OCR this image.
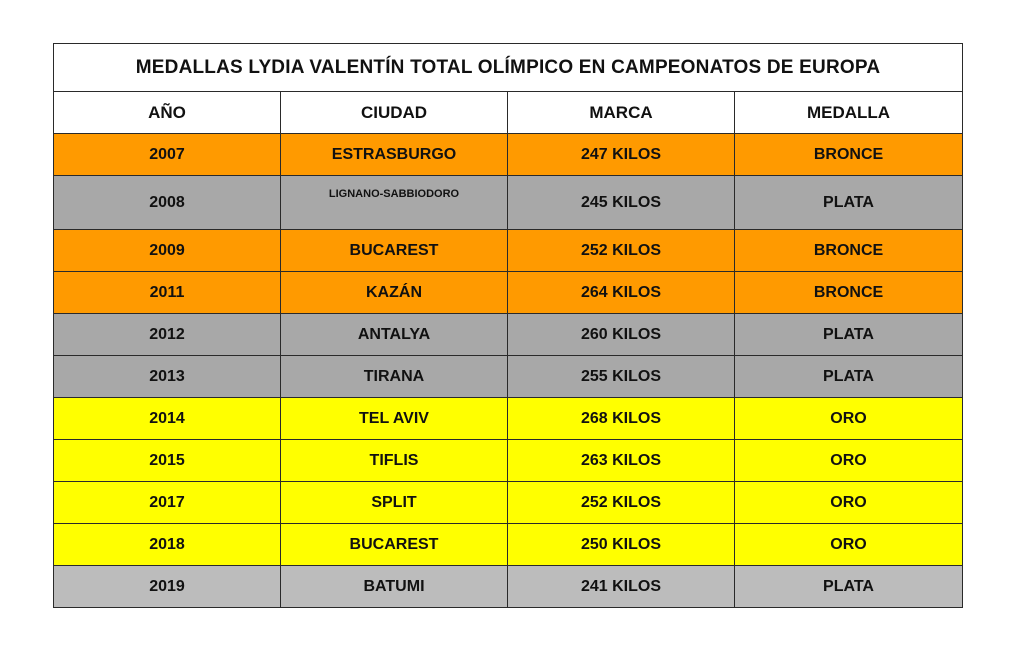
MEDALLAS LYDIA VALENTÍN TOTAL OLÍMPICO EN CAMPEONATOS DE EUROPA			
AÑO	CIUDAD	MARCA	MEDALLA
2007	ESTRASBURGO	247 KILOS	BRONCE
2008	LIGNANO-SABBIODORO	245 KILOS	PLATA
2009	BUCAREST	252 KILOS	BRONCE
2011	KAZÁN	264 KILOS	BRONCE
2012	ANTALYA	260 KILOS	PLATA
2013	TIRANA	255 KILOS	PLATA
2014	TEL AVIV	268 KILOS	ORO
2015	TIFLIS	263 KILOS	ORO
2017	SPLIT	252 KILOS	ORO
2018	BUCAREST	250 KILOS	ORO
2019	BATUMI	241 KILOS	PLATA
